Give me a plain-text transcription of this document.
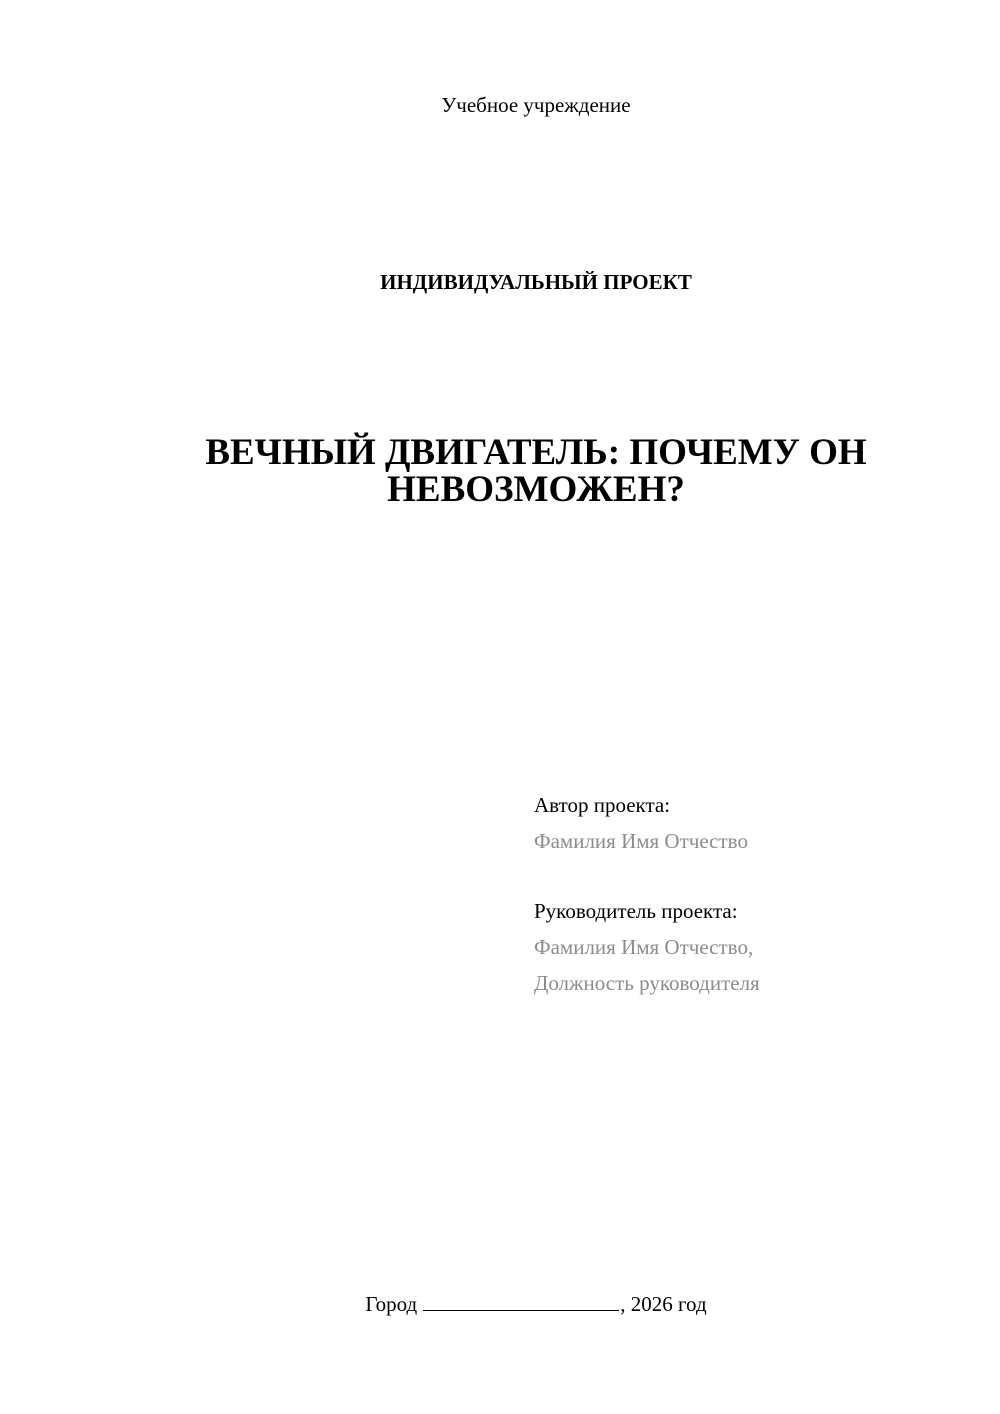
Учебное учреждение
ИНДИВИДУАЛЬНЫЙ ПРОЕКТ
ВЕЧНЫЙ ДВИГАТЕЛЬ: ПОЧЕМУ ОН
НЕВОЗМОЖЕН?
Автор проекта:
Фамилия Имя Отчество
Руководитель проекта:
Фамилия Имя Отчество,
Должность руководителя
Город	, 2026 год
